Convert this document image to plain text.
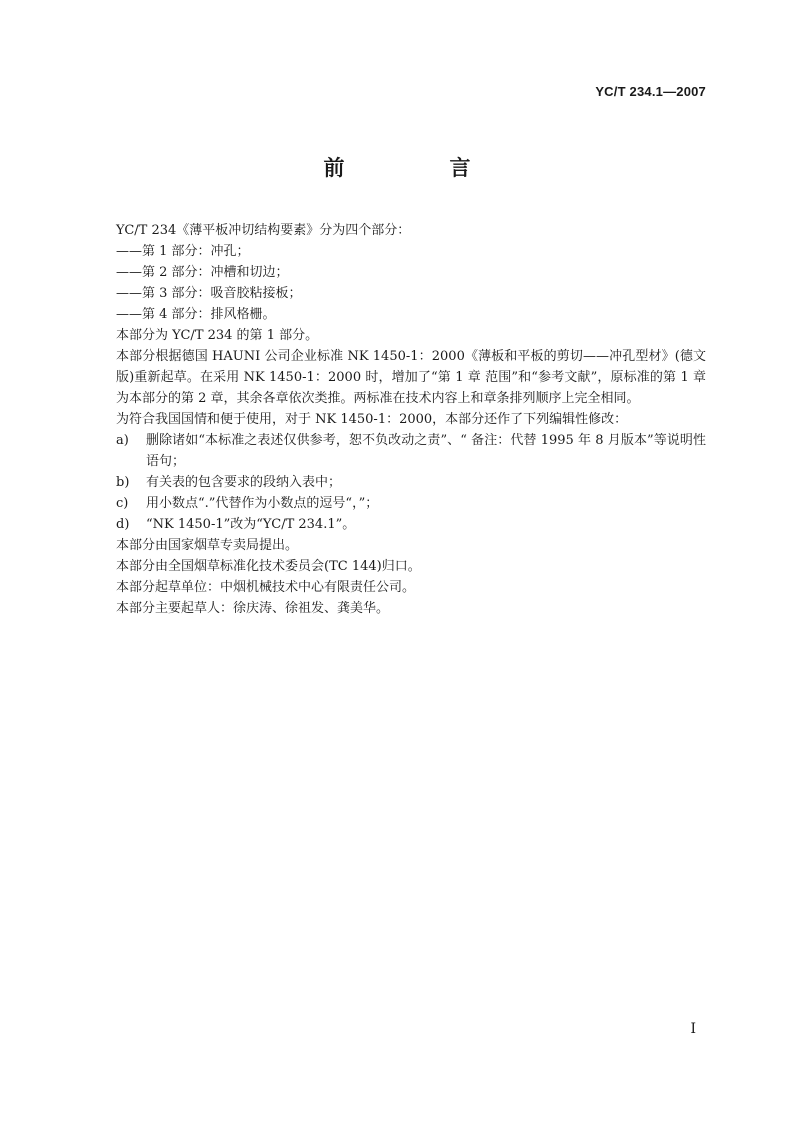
YC/T 234.1—2007
前　言

YC/T 234《薄平板冲切结构要素》分为四个部分：

——第 1 部分：冲孔；

——第 2 部分：冲槽和切边；

——第 3 部分：吸音胶粘接板；

——第 4 部分：排风格栅。

本部分为 YC/T 234 的第 1 部分。

本部分根据德国 HAUNI 公司企业标准 NK 1450-1：2000《薄板和平板的剪切——冲孔型材》(德文版)重新起草。在采用 NK 1450-1：2000 时，增加了“第 1 章 范围”和“参考文献”，原标准的第 1 章为本部分的第 2 章，其余各章依次类推。两标准在技术内容上和章条排列顺序上完全相同。

为符合我国国情和便于使用，对于 NK 1450-1：2000，本部分还作了下列编辑性修改：

a)	删除诸如“本标准之表述仅供参考，恕不负改动之责”、“ 备注：代替 1995 年 8 月版本”等说明性语句；
b)	有关表的包含要求的段纳入表中；
c)	用小数点“.”代替作为小数点的逗号“，”；
d)	“NK 1450-1”改为“YC/T 234.1”。

本部分由国家烟草专卖局提出。

本部分由全国烟草标准化技术委员会(TC 144)归口。

本部分起草单位：中烟机械技术中心有限责任公司。

本部分主要起草人：徐庆涛、徐祖发、龚美华。

I
